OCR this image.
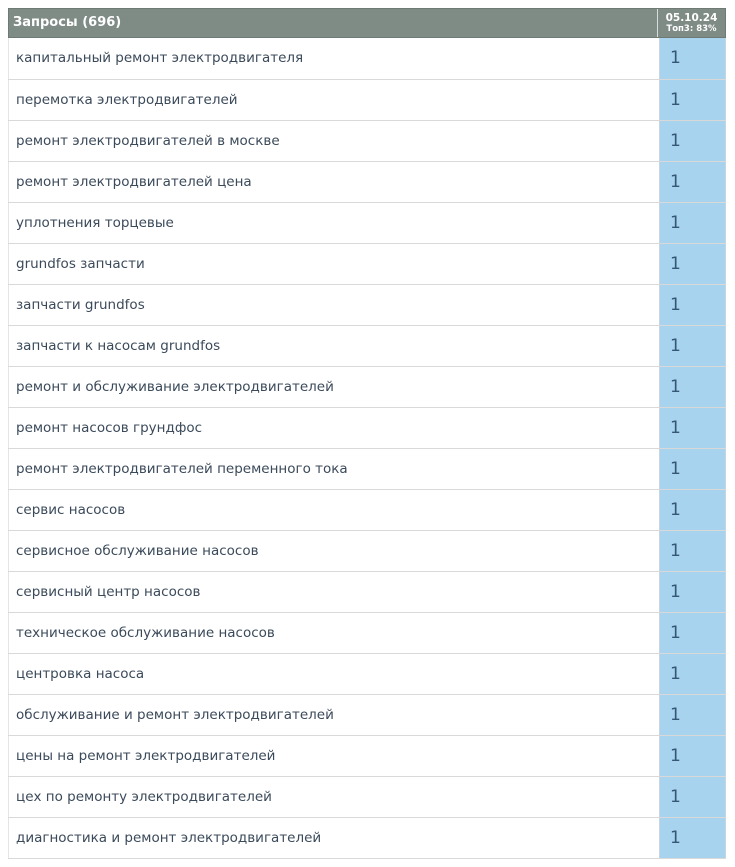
Запросы (696)	05.10.24
Топ3: 83%
капитальный ремонт электродвигателя	1
перемотка электродвигателей	1
ремонт электродвигателей в москве	1
ремонт электродвигателей цена	1
уплотнения торцевые	1
grundfos запчасти	1
запчасти grundfos	1
запчасти к насосам grundfos	1
ремонт и обслуживание электродвигателей	1
ремонт насосов грундфос	1
ремонт электродвигателей переменного тока	1
сервис насосов	1
сервисное обслуживание насосов	1
сервисный центр насосов	1
техническое обслуживание насосов	1
центровка насоса	1
обслуживание и ремонт электродвигателей	1
цены на ремонт электродвигателей	1
цех по ремонту электродвигателей	1
диагностика и ремонт электродвигателей	1
